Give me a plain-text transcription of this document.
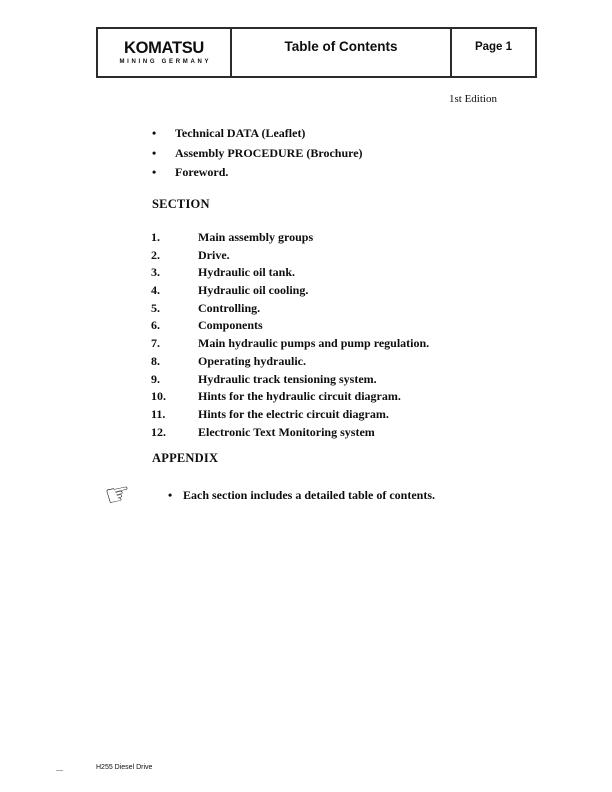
KOMATSU
MINING GERMANY
Table of Contents	Page 1
1st Edition
•	Technical DATA (Leaflet)
•	Assembly PROCEDURE (Brochure)
•	Foreword.
SECTION
1.	Main assembly groups
2.	Drive.
3.	Hydraulic oil tank.
4.	Hydraulic oil cooling.
5.	Controlling.
6.	Components
7.	Main hydraulic pumps and pump regulation.
8.	Operating hydraulic.
9.	Hydraulic track tensioning system.
10.	Hints for the hydraulic circuit diagram.
11.	Hints for the electric circuit diagram.
12.	Electronic Text Monitoring system
APPENDIX
☞	• Each section includes a detailed table of contents.
—	H255 Diesel Drive
